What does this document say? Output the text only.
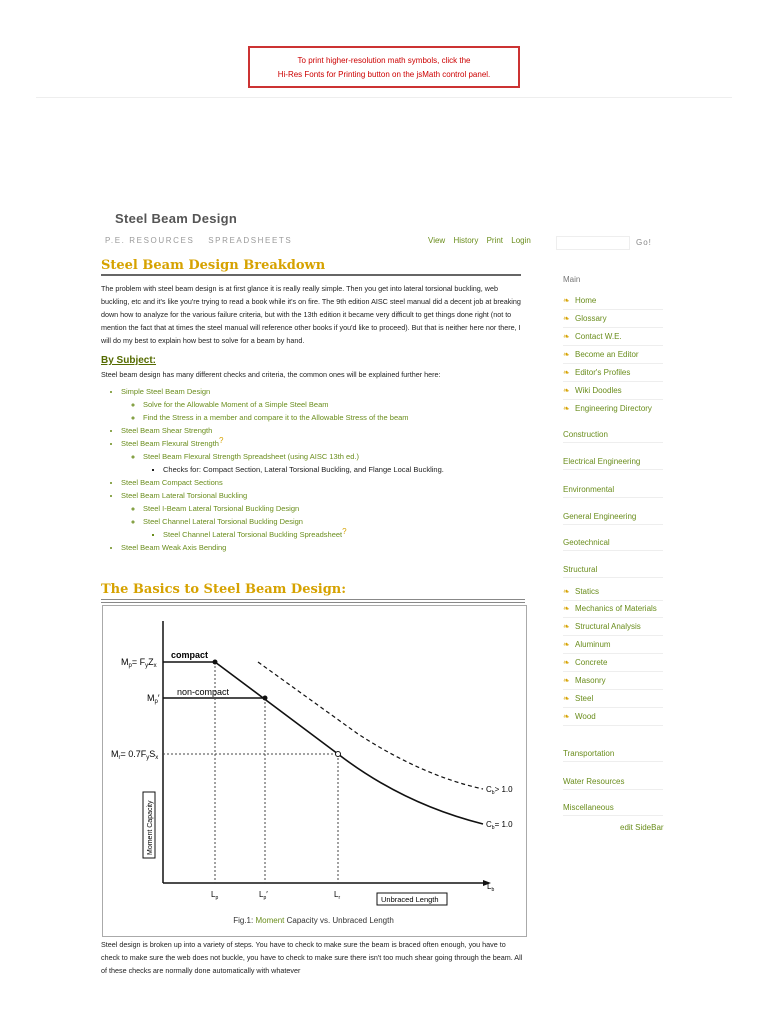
To print higher-resolution math symbols, click the
Hi-Res Fonts for Printing button on the jsMath control panel.
Steel Beam Design
P.E. RESOURCES SPREADSHEETS	View History Print Login	Go!
Steel Beam Design Breakdown

The problem with steel beam design is at first glance it is really really simple. Then you get into lateral torsional buckling, web buckling, etc and it's like you're trying to read a book while it's on fire. The 9th edition AISC steel manual did a decent job at breaking down how to analyze for the various failure criteria, but with the 13th edition it became very difficult to get things done right (not to mention the fact that at times the steel manual will reference other books if you'd like to proceed). But that is neither here nor there, I will do my best to explain how best to solve for a beam by hand.

By Subject:

Steel beam design has many different checks and criteria, the common ones will be explained further here:

• Simple Steel Beam Design
◦ Solve for the Allowable Moment of a Simple Steel Beam
◦ Find the Stress in a member and compare it to the Allowable Stress of the beam
• Steel Beam Shear Strength
• Steel Beam Flexural Strength?
◦ Steel Beam Flexural Strength Spreadsheet (using AISC 13th ed.)
▪ Checks for: Compact Section, Lateral Torsional Buckling, and Flange Local Buckling.
• Steel Beam Compact Sections
• Steel Beam Lateral Torsional Buckling
◦ Steel I-Beam Lateral Torsional Buckling Design
◦ Steel Channel Lateral Torsional Buckling Design
▪ Steel Channel Lateral Torsional Buckling Spreadsheet?
• Steel Beam Weak Axis Bending
The Basics to Steel Beam Design:
compact
non-compact
$M_p= F_yZ_x$
$M_p'$
$M_r= 0.7F_yS_x$
$C_b> 1.0$
$C_b= 1.0$
$L_p$	$L_p'$	$L_r$
$L_b$
Unbraced Length
Moment Capacity
Fig.1: Moment Capacity vs. Unbraced Length

Steel design is broken up into a variety of steps. You have to check to make sure the beam is braced often enough, you have to check to make sure the web does not buckle, you have to check to make sure there isn't too much shear going through the beam. All of these checks are normally done automatically with whatever

Main
❧ Home
❧ Glossary
❧ Contact W.E.
❧ Become an Editor
❧ Editor's Profiles
❧ Wiki Doodles
❧ Engineering Directory
Construction
Electrical Engineering
Environmental
General Engineering
Geotechnical
Structural
❧ Statics
❧ Mechanics of Materials
❧ Structural Analysis
❧ Aluminum
❧ Concrete
❧ Masonry
❧ Steel
❧ Wood
Transportation
Water Resources
Miscellaneous
edit SideBar
